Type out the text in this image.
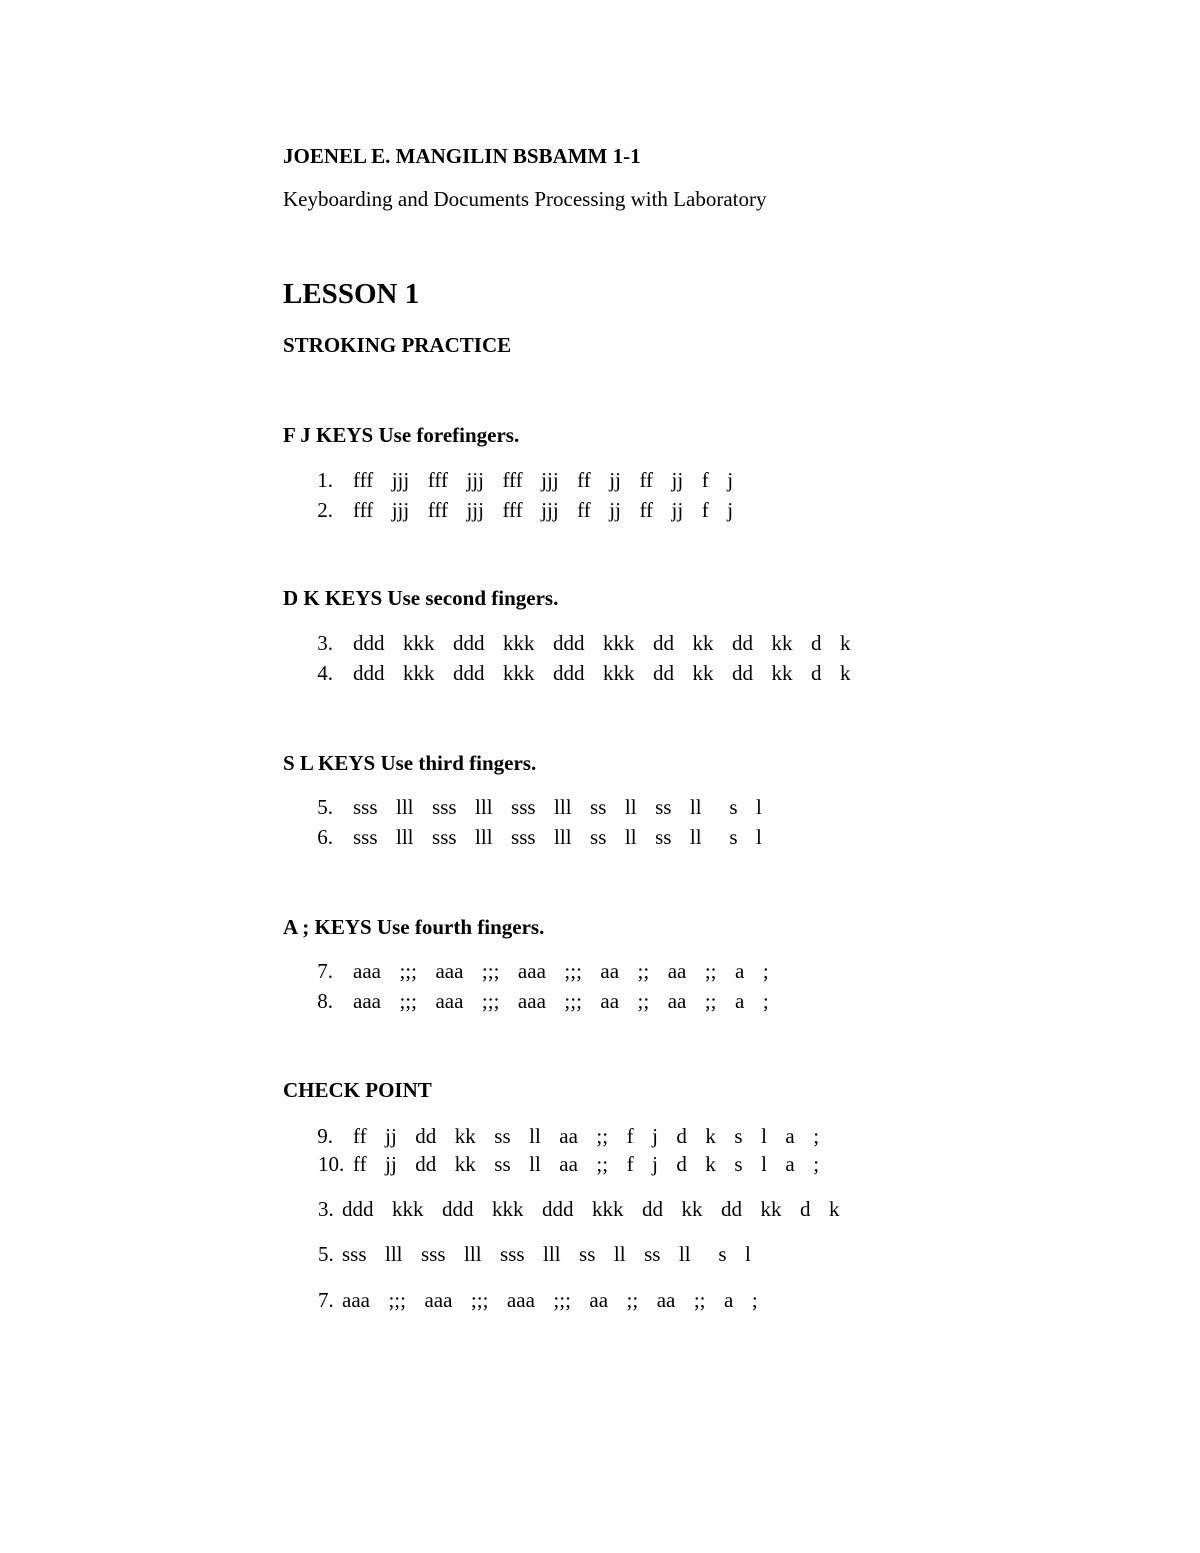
JOENEL E. MANGILIN BSBAMM 1-1
Keyboarding and Documents Processing with Laboratory
LESSON 1
STROKING PRACTICE
F J KEYS Use forefingers.
1. fff  jjj  fff  jjj  fff  jjj  ff  jj  ff  jj  f  j
2. fff  jjj  fff  jjj  fff  jjj  ff  jj  ff  jj  f  j
D K KEYS Use second fingers.
3. ddd  kkk  ddd  kkk  ddd  kkk  dd  kk  dd  kk  d  k
4. ddd  kkk  ddd  kkk  ddd  kkk  dd  kk  dd  kk  d  k
S L KEYS Use third fingers.
5. sss  lll  sss  lll  sss  lll  ss  ll  ss  ll   s  l
6. sss  lll  sss  lll  sss  lll  ss  ll  ss  ll   s  l
A ; KEYS Use fourth fingers.
7. aaa  ;;;  aaa  ;;;  aaa  ;;;  aa  ;;  aa  ;;  a  ;
8. aaa  ;;;  aaa  ;;;  aaa  ;;;  aa  ;;  aa  ;;  a  ;
CHECK POINT
9. ff  jj  dd  kk  ss  ll  aa  ;;  f  j  d  k  s  l  a  ;
10. ff  jj  dd  kk  ss  ll  aa  ;;  f  j  d  k  s  l  a  ;
3. ddd  kkk  ddd  kkk  ddd  kkk  dd  kk  dd  kk  d  k
5. sss  lll  sss  lll  sss  lll  ss  ll  ss  ll   s  l
7. aaa  ;;;  aaa  ;;;  aaa  ;;;  aa  ;;  aa  ;;  a  ;
